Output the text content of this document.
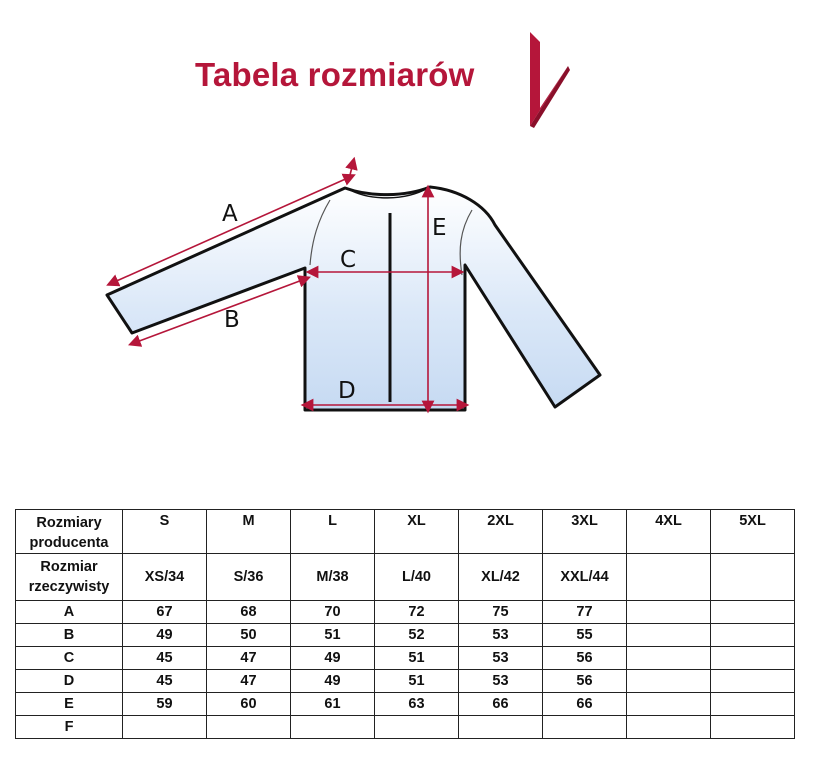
Tabela rozmiarów
A
B
C
D
E
Rozmiary
producenta	S	M	L	XL	2XL	3XL	4XL	5XL

Rozmiar
rzeczywisty	XS/34	S/36	M/38	L/40	XL/42	XXL/44		
A	67	68	70	72	75	77		
B	49	50	51	52	53	55		
C	45	47	49	51	53	56		
D	45	47	49	51	53	56		
E	59	60	61	63	66	66		
F								
